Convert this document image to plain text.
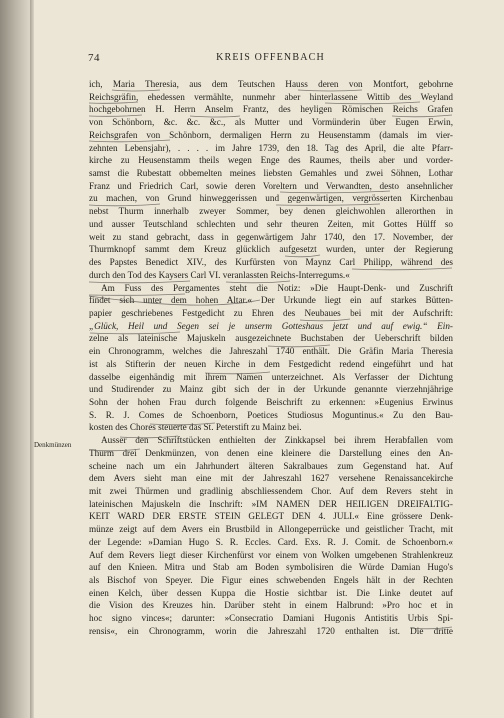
74	KREIS OFFENBACH
Denkmünzen
ich, Maria Theresia, aus dem Teutschen Hauss deren von Montfort, gebohrne
Reichsgräfin, ehedessen vermählte, nunmehr aber hinterlassene Wittib des Weyland
hochgebohrnen H. Herrn Anselm Frantz, des heyligen Römischen Reichs Grafen
von Schönborn, &c. &c. &c., als Mutter und Vormünderin über Eugen Erwin,
Reichsgrafen von Schönborn, dermaligen Herrn zu Heusenstamm (damals im vier-
zehnten Lebensjahr), . . . . im Jahre 1739, den 18. Tag des April, die alte Pfarr-
kirche zu Heusenstamm theils wegen Enge des Raumes, theils aber und vorder-
samst die Rubestatt obbemelten meines liebsten Gemahles und zwei Söhnen, Lothar
Franz und Friedrich Carl, sowie deren Voreltern und Verwandten, desto ansehnlicher
zu machen, von Grund hinweggerissen und gegenwärtigen, vergrösserten Kirchenbau
nebst Thurm innerhalb zweyer Sommer, bey denen gleichwohlen allerorthen in
und ausser Teutschland schlechten und sehr theuren Zeiten, mit Gottes Hülff so
weit zu stand gebracht, dass in gegenwärtigem Jahr 1740, den 17. November, der
Thurmknopf sammt dem Kreuz glücklich aufgesetzt wurden, unter der Regierung
des Papstes Benedict XIV., des Kurfürsten von Maynz Carl Philipp, während des
durch den Tod des Kaysers Carl VI. veranlassten Reichs-Interregums.«
Am Fuss des Pergamentes steht die Notiz: »Die Haupt-Denk- und Zuschrift
findet sich unter dem hohen Altar.« Der Urkunde liegt ein auf starkes Bütten-
papier geschriebenes Festgedicht zu Ehren des Neubaues bei mit der Aufschrift:
„Glück, Heil und Segen sei je unserm Gotteshaus jetzt und auf ewig.“ Ein-
zelne als lateinische Majuskeln ausgezeichnete Buchstaben der Ueberschrift bilden
ein Chronogramm, welches die Jahreszahl 1740 enthält. Die Gräfin Maria Theresia
ist als Stifterin der neuen Kirche in dem Festgedicht redend eingeführt und hat
dasselbe eigenhändig mit ihrem Namen unterzeichnet. Als Verfasser der Dichtung
und Studirender zu Mainz gibt sich der in der Urkunde genannte vierzehnjährige
Sohn der hohen Frau durch folgende Beischrift zu erkennen: »Eugenius Erwinus
S. R. J. Comes de Schoenborn, Poetices Studiosus Moguntinus.« Zu den Bau-
kosten des Chores steuerte das St. Peterstift zu Mainz bei.
Ausser den Schriftstücken enthielten der Zinkkapsel bei ihrem Herabfallen vom
Thurm drei Denkmünzen, von denen eine kleinere die Darstellung eines den An-
scheine nach um ein Jahrhundert älteren Sakralbaues zum Gegenstand hat. Auf
dem Avers sieht man eine mit der Jahreszahl 1627 versehene Renaissancekirche
mit zwei Thürmen und gradlinig abschliessendem Chor. Auf dem Revers steht in
lateinischen Majuskeln die Inschrift: »IM NAMEN DER HEILIGEN DREIFALTIG-
KEIT WARD DER ERSTE STEIN GELEGT DEN 4. JULI.« Eine grössere Denk-
münze zeigt auf dem Avers ein Brustbild in Allongeperrücke und geistlicher Tracht, mit
der Legende: »Damian Hugo S. R. Eccles. Card. Exs. R. J. Comit. de Schoenborn.«
Auf dem Revers liegt dieser Kirchenfürst vor einem von Wolken umgebenen Strahlenkreuz
auf den Knieen. Mitra und Stab am Boden symbolisiren die Würde Damian Hugo's
als Bischof von Speyer. Die Figur eines schwebenden Engels hält in der Rechten
einen Kelch, über dessen Kuppa die Hostie sichtbar ist. Die Linke deutet auf
die Vision des Kreuzes hin. Darüber steht in einem Halbrund: »Pro hoc et in
hoc signo vinces«; darunter: »Consecratio Damiani Hugonis Antistitis Urbis Spi-
rensis«, ein Chronogramm, worin die Jahreszahl 1720 enthalten ist. Die dritte
